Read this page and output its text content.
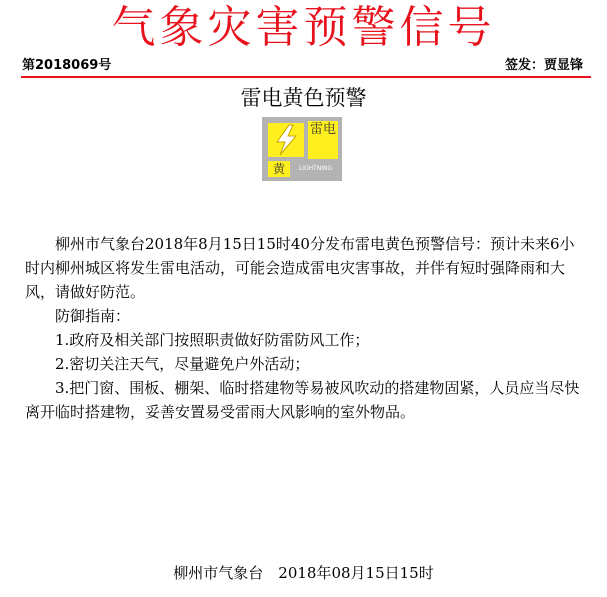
气象灾害预警信号
第2018069号	签发：贾显锋
雷电黄色预警
雷电
黄	LIGHTNING

柳州市气象台2018年8月15日15时40分发布雷电黄色预警信号：预计未来6小时内柳州城区将发生雷电活动，可能会造成雷电灾害事故，并伴有短时强降雨和大风，请做好防范。

防御指南：

1.政府及相关部门按照职责做好防雷防风工作；

2.密切关注天气，尽量避免户外活动；

3.把门窗、围板、棚架、临时搭建物等易被风吹动的搭建物固紧，人员应当尽快离开临时搭建物，妥善安置易受雷雨大风影响的室外物品。

柳州市气象台  2018年08月15日15时
